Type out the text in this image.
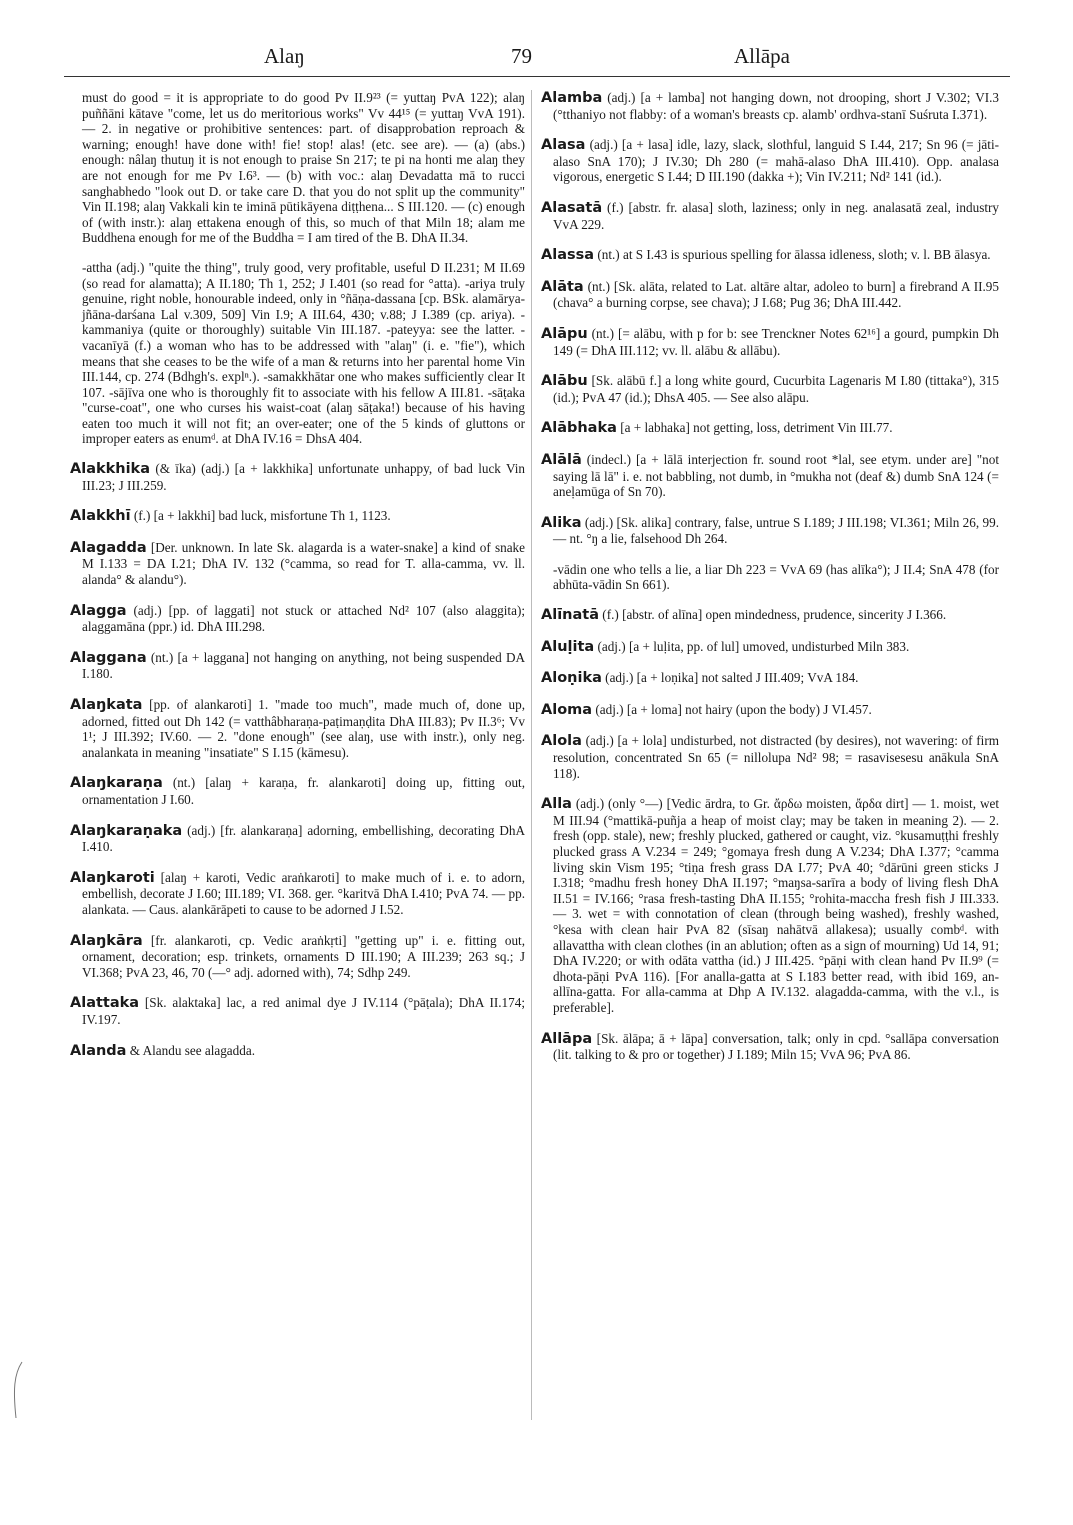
Alaŋ	79	Allāpa

must do good = it is appropriate to do good Pv II.9²³ (= yuttaŋ PvA 122); alaŋ puññāni kātave "come, let us do meritorious works" Vv 44¹⁵ (= yuttaŋ VvA 191). — 2. in negative or prohibitive sentences: part. of disapprobation reproach & warning; enough! have done with! fie! stop! alas! (etc. see are). — (a) (abs.) enough: nâlaŋ thutuŋ it is not enough to praise Sn 217; te pi na honti me alaŋ they are not enough for me Pv I.6³. — (b) with voc.: alaŋ Devadatta mā to rucci sanghabhedo "look out D. or take care D. that you do not split up the community" Vin II.198; alaŋ Vakkali kin te iminā pūtikāyena diṭṭhena... S III.120. — (c) enough of (with instr.): alaŋ ettakena enough of this, so much of that Miln 18; alam me Buddhena enough for me of the Buddha = I am tired of the B. DhA II.34.

-attha (adj.) "quite the thing", truly good, very profitable, useful D II.231; M II.69 (so read for alamatta); A II.180; Th 1, 252; J I.401 (so read for °atta). -ariya truly genuine, right noble, honourable indeed, only in °ñāṇa-dassana [cp. BSk. alamārya-jñāna-darśana Lal v.309, 509] Vin I.9; A III.64, 430; v.88; J I.389 (cp. ariya). -kammaniya (quite or thoroughly) suitable Vin III.187. -pateyya: see the latter. -vacanīyā (f.) a woman who has to be addressed with "alaŋ" (i. e. "fie"), which means that she ceases to be the wife of a man & returns into her parental home Vin III.144, cp. 274 (Bdhgh's. explⁿ.). -samakkhātar one who makes sufficiently clear It 107. -sājīva one who is thoroughly fit to associate with his fellow A III.81. -sāṭaka "curse-coat", one who curses his waist-coat (alaŋ sāṭaka!) because of his having eaten too much it will not fit; an over-eater; one of the 5 kinds of gluttons or improper eaters as enumᵈ. at DhA IV.16 = DhsA 404.

Alakkhika (& īka) (adj.) [a + lakkhika] unfortunate unhappy, of bad luck Vin III.23; J III.259.

Alakkhī (f.) [a + lakkhi] bad luck, misfortune Th 1, 1123.

Alagadda [Der. unknown. In late Sk. alagarda is a water-snake] a kind of snake M I.133 = DA I.21; DhA IV. 132 (°camma, so read for T. alla-camma, vv. ll. alanda° & alandu°).

Alagga (adj.) [pp. of laggati] not stuck or attached Nd² 107 (also alaggita); alaggamāna (ppr.) id. DhA III.298.

Alaggana (nt.) [a + laggana] not hanging on anything, not being suspended DA I.180.

Alaŋkata [pp. of alankaroti] 1. "made too much", made much of, done up, adorned, fitted out Dh 142 (= vatthâbharaṇa-paṭimaṇḍita DhA III.83); Pv II.3⁶; Vv 1¹; J III.392; IV.60. — 2. "done enough" (see alaŋ, use with instr.), only neg. analankata in meaning "insatiate" S I.15 (kāmesu).

Alaŋkaraṇa (nt.) [alaŋ + karaṇa, fr. alankaroti] doing up, fitting out, ornamentation J I.60.

Alaŋkaraṇaka (adj.) [fr. alankaraṇa] adorning, embellishing, decorating DhA I.410.

Alaŋkaroti [alaŋ + karoti, Vedic araṅkaroti] to make much of i. e. to adorn, embellish, decorate J I.60; III.189; VI. 368. ger. °karitvā DhA I.410; PvA 74. — pp. alankata. — Caus. alankārāpeti to cause to be adorned J I.52.

Alaŋkāra [fr. alankaroti, cp. Vedic araṅkṛti] "getting up" i. e. fitting out, ornament, decoration; esp. trinkets, ornaments D III.190; A III.239; 263 sq.; J VI.368; PvA 23, 46, 70 (—° adj. adorned with), 74; Sdhp 249.

Alattaka [Sk. alaktaka] lac, a red animal dye J IV.114 (°pāṭala); DhA II.174; IV.197.

Alanda & Alandu see alagadda.

Alamba (adj.) [a + lamba] not hanging down, not drooping, short J V.302; VI.3 (°tthaniyo not flabby: of a woman's breasts cp. alamb' ordhva-stanī Suśruta I.371).

Alasa (adj.) [a + lasa] idle, lazy, slack, slothful, languid S I.44, 217; Sn 96 (= jāti-alaso SnA 170); J IV.30; Dh 280 (= mahā-alaso DhA III.410). Opp. analasa vigorous, energetic S I.44; D III.190 (dakka +); Vin IV.211; Nd² 141 (id.).

Alasatā (f.) [abstr. fr. alasa] sloth, laziness; only in neg. analasatā zeal, industry VvA 229.

Alassa (nt.) at S I.43 is spurious spelling for ālassa idleness, sloth; v. l. BB ālasya.

Alāta (nt.) [Sk. alāta, related to Lat. altāre altar, adoleo to burn] a firebrand A II.95 (chava° a burning corpse, see chava); J I.68; Pug 36; DhA III.442.

Alāpu (nt.) [= alābu, with p for b: see Trenckner Notes 62¹⁶] a gourd, pumpkin Dh 149 (= DhA III.112; vv. ll. alābu & allābu).

Alābu [Sk. alābū f.] a long white gourd, Cucurbita Lagenaris M I.80 (tittaka°), 315 (id.); PvA 47 (id.); DhsA 405. — See also alāpu.

Alābhaka [a + labhaka] not getting, loss, detriment Vin III.77.

Alālā (indecl.) [a + lālā interjection fr. sound root *lal, see etym. under are] "not saying lā lā" i. e. not babbling, not dumb, in °mukha not (deaf &) dumb SnA 124 (= aneḷamūga of Sn 70).

Alika (adj.) [Sk. alika] contrary, false, untrue S I.189; J III.198; VI.361; Miln 26, 99. — nt. °ŋ a lie, falsehood Dh 264.

-vādin one who tells a lie, a liar Dh 223 = VvA 69 (has alīka°); J II.4; SnA 478 (for abhūta-vādin Sn 661).

Alīnatā (f.) [abstr. of alīna] open mindedness, prudence, sincerity J I.366.

Aluḷita (adj.) [a + luḷita, pp. of lul] umoved, undisturbed Miln 383.

Aloṇika (adj.) [a + loṇika] not salted J III.409; VvA 184.

Aloma (adj.) [a + loma] not hairy (upon the body) J VI.457.

Alola (adj.) [a + lola] undisturbed, not distracted (by desires), not wavering: of firm resolution, concentrated Sn 65 (= nillolupa Nd² 98; = rasavisesesu anākula SnA 118).

Alla (adj.) (only °—) [Vedic ārdra, to Gr. ἄρδω moisten, ἄρδα dirt] — 1. moist, wet M III.94 (°mattikā-puñja a heap of moist clay; may be taken in meaning 2). — 2. fresh (opp. stale), new; freshly plucked, gathered or caught, viz. °kusamuṭṭhi freshly plucked grass A V.234 = 249; °gomaya fresh dung A V.234; DhA I.377; °camma living skin Vism 195; °tiṇa fresh grass DA I.77; PvA 40; °dārūni green sticks J I.318; °madhu fresh honey DhA II.197; °maŋsa-sarīra a body of living flesh DhA II.51 = IV.166; °rasa fresh-tasting DhA II.155; °rohita-maccha fresh fish J III.333. — 3. wet = with connotation of clean (through being washed), freshly washed, °kesa with clean hair PvA 82 (sīsaŋ nahātvā allakesa); usually combᵈ. with allavattha with clean clothes (in an ablution; often as a sign of mourning) Ud 14, 91; DhA IV.220; or with odāta vattha (id.) J III.425. °pāṇi with clean hand Pv II.9⁹ (= dhota-pāṇi PvA 116). [For analla-gatta at S I.183 better read, with ibid 169, an-allīna-gatta. For alla-camma at Dhp A IV.132. alagadda-camma, with the v.l., is preferable].

Allāpa [Sk. ālāpa; ā + lāpa] conversation, talk; only in cpd. °sallāpa conversation (lit. talking to & pro or together) J I.189; Miln 15; VvA 96; PvA 86.
